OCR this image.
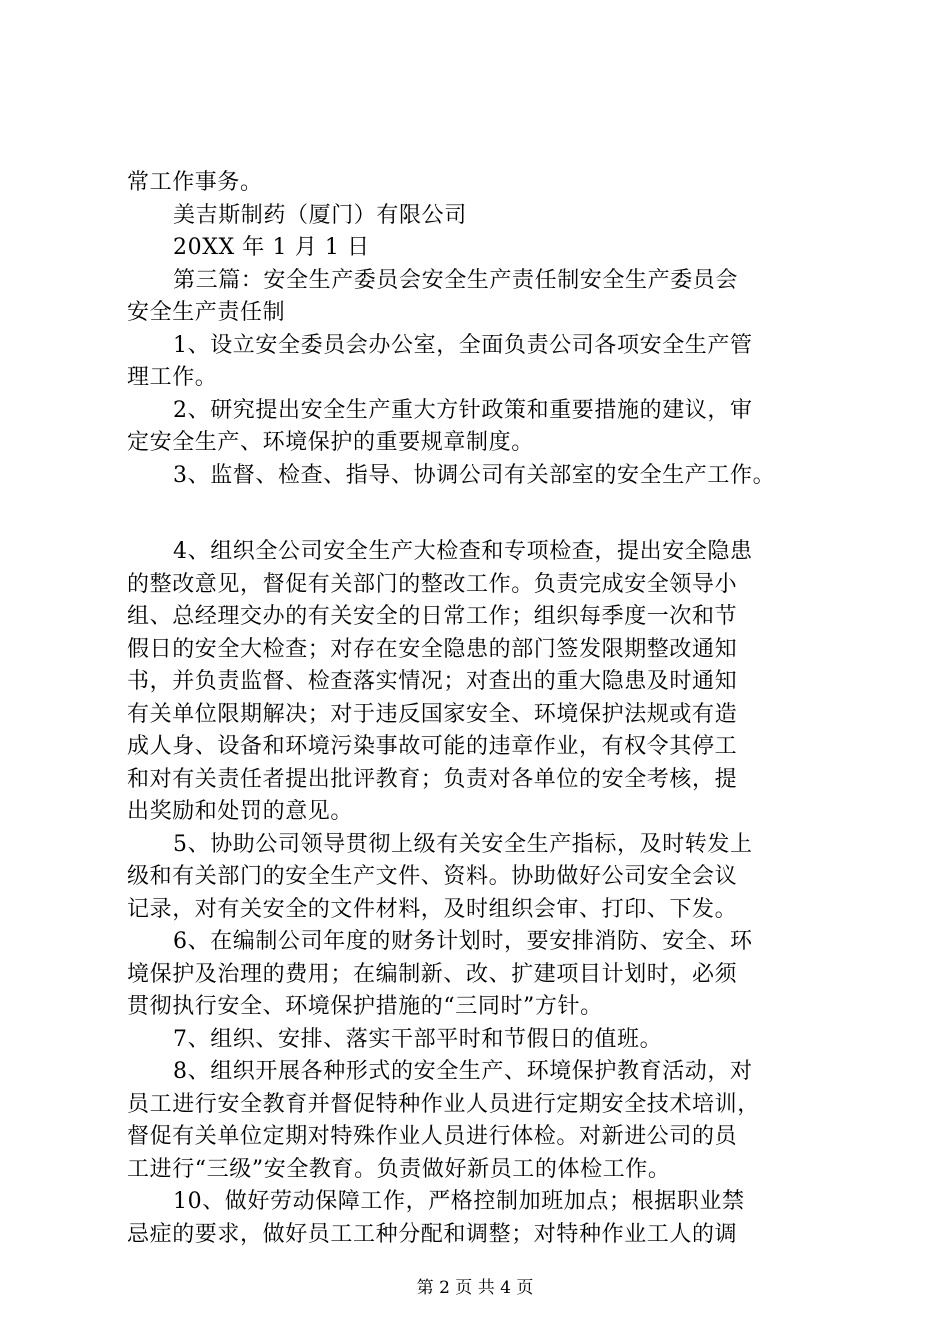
常工作事务。
美吉斯制药（厦门）有限公司
20XX 年 1 月 1 日
第三篇：安全生产委员会安全生产责任制安全生产委员会
安全生产责任制
1、设立安全委员会办公室，全面负责公司各项安全生产管
理工作。
2、研究提出安全生产重大方针政策和重要措施的建议，审
定安全生产、环境保护的重要规章制度。
3、监督、检查、指导、协调公司有关部室的安全生产工作。
4、组织全公司安全生产大检查和专项检查，提出安全隐患
的整改意见，督促有关部门的整改工作。负责完成安全领导小
组、总经理交办的有关安全的日常工作；组织每季度一次和节
假日的安全大检查；对存在安全隐患的部门签发限期整改通知
书，并负责监督、检查落实情况；对查出的重大隐患及时通知
有关单位限期解决；对于违反国家安全、环境保护法规或有造
成人身、设备和环境污染事故可能的违章作业，有权令其停工
和对有关责任者提出批评教育；负责对各单位的安全考核，提
出奖励和处罚的意见。
5、协助公司领导贯彻上级有关安全生产指标，及时转发上
级和有关部门的安全生产文件、资料。协助做好公司安全会议
记录，对有关安全的文件材料，及时组织会审、打印、下发。
6、在编制公司年度的财务计划时，要安排消防、安全、环
境保护及治理的费用；在编制新、改、扩建项目计划时，必须
贯彻执行安全、环境保护措施的“三同时”方针。
7、组织、安排、落实干部平时和节假日的值班。
8、组织开展各种形式的安全生产、环境保护教育活动，对
员工进行安全教育并督促特种作业人员进行定期安全技术培训，
督促有关单位定期对特殊作业人员进行体检。对新进公司的员
工进行“三级”安全教育。负责做好新员工的体检工作。
10、做好劳动保障工作，严格控制加班加点；根据职业禁
忌症的要求，做好员工工种分配和调整；对特种作业工人的调
第 2 页 共 4 页
